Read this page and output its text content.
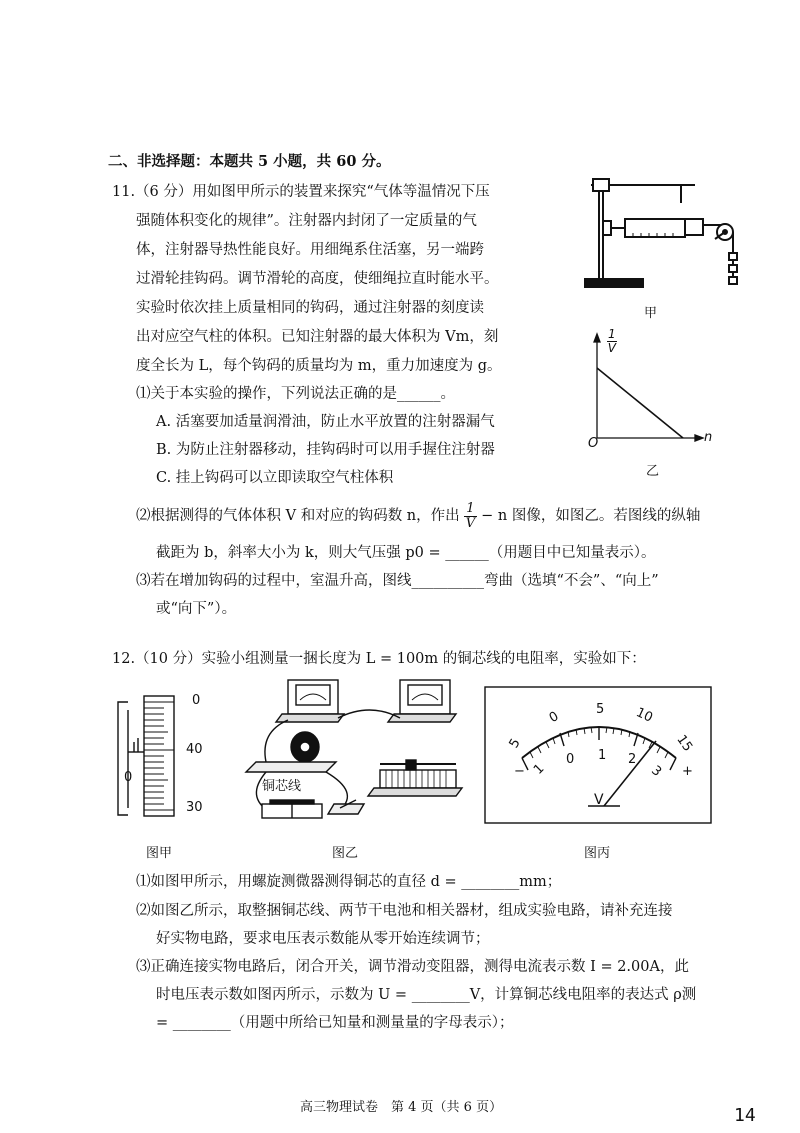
二、非选择题：本题共 5 小题，共 60 分。
11.（6 分）用如图甲所示的装置来探究“气体等温情况下压
强随体积变化的规律”。注射器内封闭了一定质量的气
体，注射器导热性能良好。用细绳系住活塞，另一端跨
过滑轮挂钩码。调节滑轮的高度，使细绳拉直时能水平。
实验时依次挂上质量相同的钩码，通过注射器的刻度读
出对应空气柱的体积。已知注射器的最大体积为 Vm，刻
度全长为 L，每个钩码的质量均为 m，重力加速度为 g。
⑴关于本实验的操作，下列说法正确的是______。
A. 活塞要加适量润滑油，防止水平放置的注射器漏气
B. 为防止注射器移动，挂钩码时可以用手握住注射器
C. 挂上钩码可以立即读取空气柱体积
⑵根据测得的气体体积 V 和对应的钩码数 n，作出 $\frac{1}{V} - n$ 图像，如图乙。若图线的纵轴
截距为 b，斜率大小为 k，则大气压强 p0 = ______（用题目中已知量表示）。
⑶若在增加钩码的过程中，室温升高，图线__________弯曲（选填“不会”、“向上”
或“向下”）。
甲
$\frac{1}{V}$
n
O
乙
12.（10 分）实验小组测量一捆长度为 L = 100m 的铜芯线的电阻率，实验如下：
0
40
30
0
铜芯线
5
0	5 10
15
1
0 1 2
3
−	+
V
图甲	图乙	图丙
⑴如图甲所示，用螺旋测微器测得铜芯的直径 d = ________mm；
⑵如图乙所示，取整捆铜芯线、两节干电池和相关器材，组成实验电路，请补充连接
好实物电路，要求电压表示数能从零开始连续调节；
⑶正确连接实物电路后，闭合开关，调节滑动变阻器，测得电流表示数 I = 2.00A，此
时电压表示数如图丙所示，示数为 U = ________V，计算铜芯线电阻率的表达式 ρ测
= ________（用题中所给已知量和测量量的字母表示）；
高三物理试卷　第 4 页（共 6 页）	14
